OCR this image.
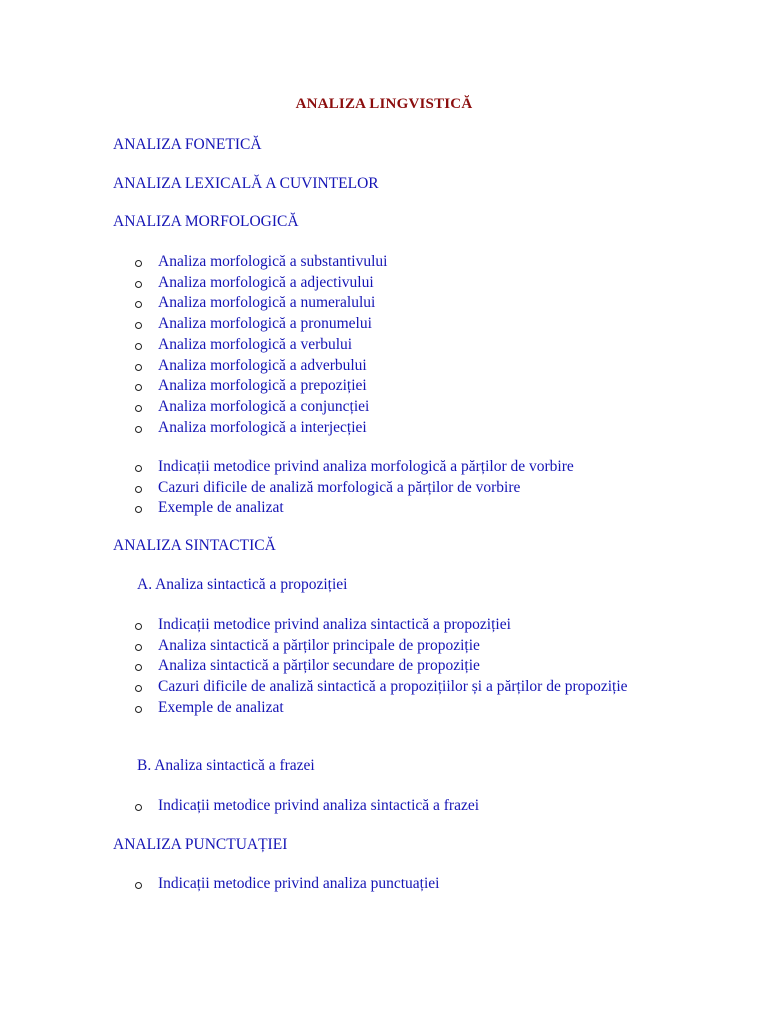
ANALIZA LINGVISTICĂ
ANALIZA FONETICĂ
ANALIZA LEXICALĂ A CUVINTELOR
ANALIZA MORFOLOGICĂ
Analiza morfologică a substantivului
Analiza morfologică a adjectivului
Analiza morfologică a numeralului
Analiza morfologică a pronumelui
Analiza morfologică a verbului
Analiza morfologică a adverbului
Analiza morfologică a prepoziției
Analiza morfologică a conjuncției
Analiza morfologică a interjecției
Indicații metodice privind analiza morfologică a părților de vorbire
Cazuri dificile de analiză morfologică a părților de vorbire
Exemple de analizat
ANALIZA SINTACTICĂ
A. Analiza sintactică a propoziției
Indicații metodice privind analiza sintactică a propoziției
Analiza sintactică a părților principale de propoziție
Analiza sintactică a părților secundare de propoziție
Cazuri dificile de analiză sintactică a propozițiilor și a părților de propoziție
Exemple de analizat
B. Analiza sintactică a frazei
Indicații metodice privind analiza sintactică a frazei
ANALIZA PUNCTUAȚIEI
Indicații metodice privind analiza punctuației
